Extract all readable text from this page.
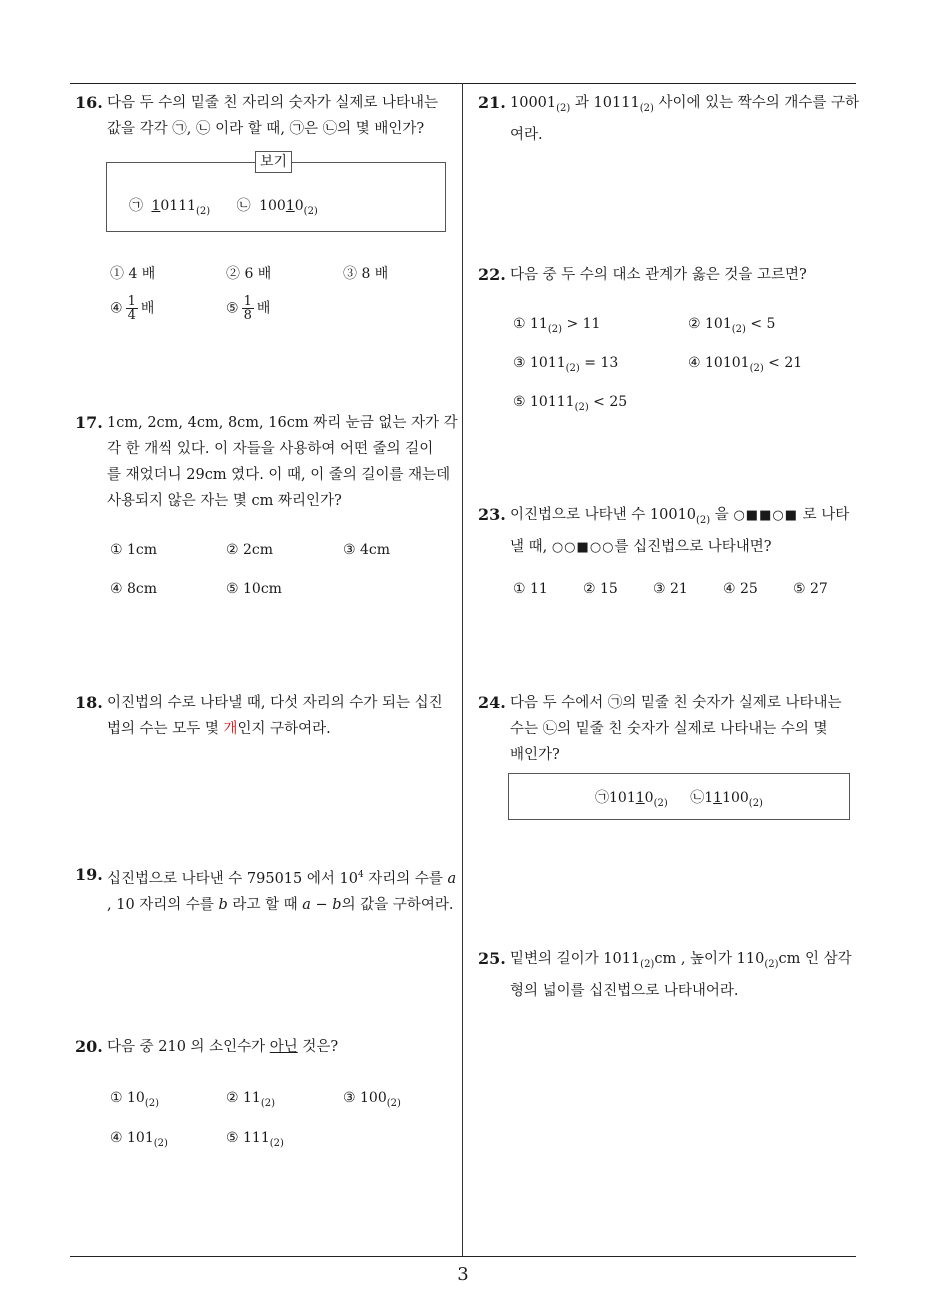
3
16. 다음 두 수의 밑줄 친 자리의 숫자가 실제로 나타내는
값을 각각 ㉠, ㉡ 이라 할 때, ㉠은 ㉡의 몇 배인가?
㉠ $10111_{(2)}$ ㉡ $10010_{(2)}$
보기
① 4 배	② 6 배	③ 8 배
④ $\frac{1}{4}$ 배	⑤ $\frac{1}{8}$ 배
17. 1cm, 2cm, 4cm, 8cm, 16cm 짜리 눈금 없는 자가 각
각 한 개씩 있다. 이 자들을 사용하여 어떤 줄의 길이
를 재었더니 29cm 였다. 이 때, 이 줄의 길이를 재는데
사용되지 않은 자는 몇 cm 짜리인가?
① 1cm	② 2cm	③ 4cm
④ 8cm	⑤ 10cm
18. 이진법의 수로 나타낼 때, 다섯 자리의 수가 되는 십진
법의 수는 모두 몇 개인지 구하여라.
19. 십진법으로 나타낸 수 795015 에서 $10^4$ 자리의 수를 a
, 10 자리의 수를 b 라고 할 때 a − b의 값을 구하여라.
20. 다음 중 210 의 소인수가 아닌 것은?
① $10_{(2)}$	② $11_{(2)}$	③ $100_{(2)}$
④ $101_{(2)}$	⑤ $111_{(2)}$
21. $10001_{(2)}$ 과 $10111_{(2)}$ 사이에 있는 짝수의 개수를 구하
여라.
22. 다음 중 두 수의 대소 관계가 옳은 것을 고르면?
① $11_{(2)} > 11$	② $101_{(2)} < 5$
③ $1011_{(2)} = 13$	④ $10101_{(2)} < 21$
⑤ $10111_{(2)} < 25$
23. 이진법으로 나타낸 수 $10010_{(2)}$ 을 ○■■○■ 로 나타
낼 때, ○○■○○를 십진법으로 나타내면?
① 11	② 15	③ 21	④ 25	⑤ 27
24. 다음 두 수에서 ㉠의 밑줄 친 숫자가 실제로 나타내는
수는 ㉡의 밑줄 친 숫자가 실제로 나타내는 수의 몇
배인가?
$㉠10110_{(2)}$ $㉡11100_{(2)}$
25. 밑변의 길이가 $1011_{(2)}cm$ , 높이가 $110_{(2)}cm$ 인 삼각
형의 넓이를 십진법으로 나타내어라.
